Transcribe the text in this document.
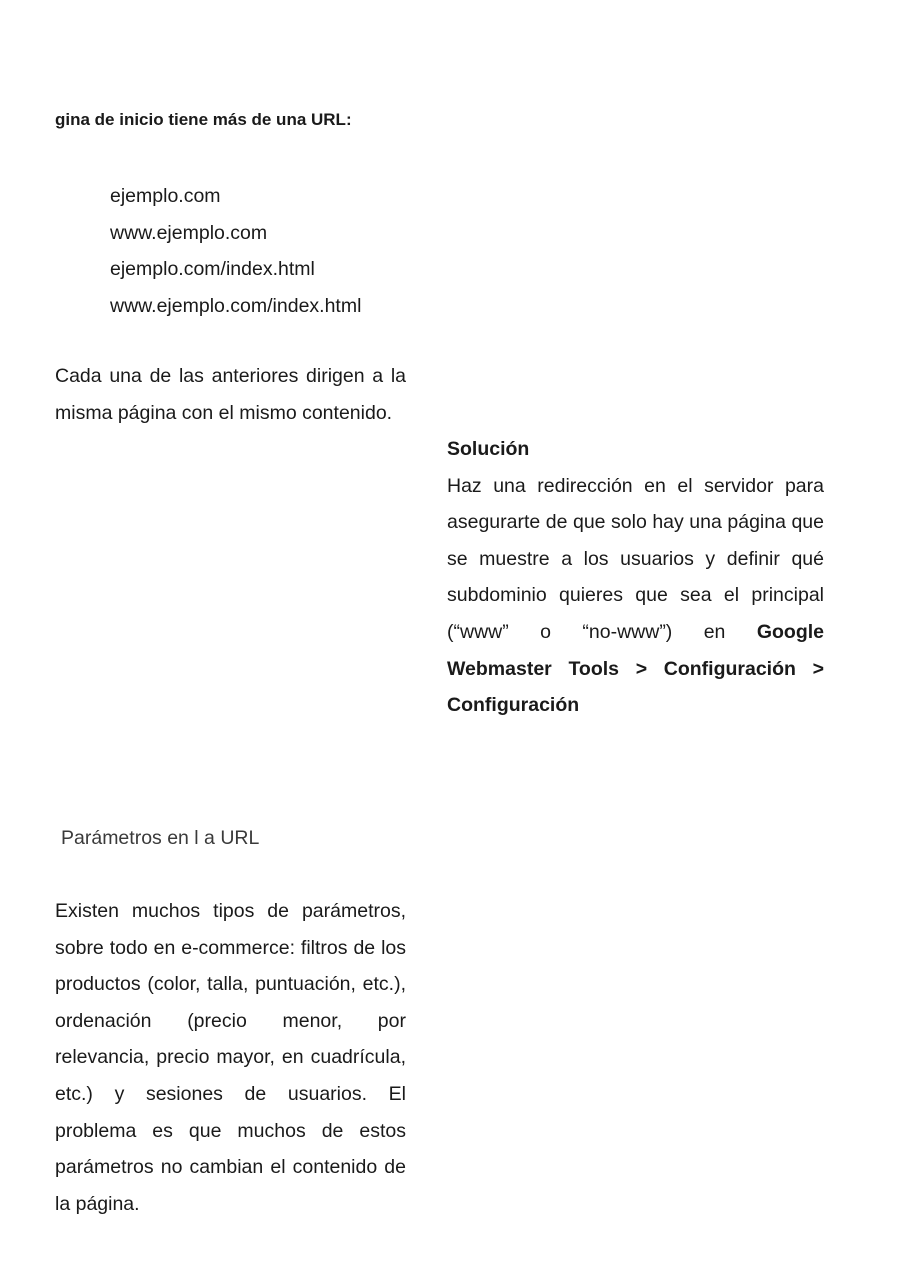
gina de inicio tiene más de una URL:

ejemplo.com
www.ejemplo.com
ejemplo.com/index.html
www.ejemplo.com/index.html

Cada una de las anteriores dirigen a la misma página con el mismo contenido.

Solución
Haz una redirección en el servidor para asegurarte de que solo hay una página que se muestre a los usuarios y definir qué subdominio quieres que sea el principal (“www” o “no-www”) en Google Webmaster Tools > Configuración > Configuración

Parámetros en l a URL

Existen muchos tipos de parámetros, sobre todo en e-commerce: filtros de los productos (color, talla, puntuación, etc.), ordenación (precio menor, por relevancia, precio mayor, en cuadrícula, etc.) y sesiones de usuarios. El problema es que muchos de estos parámetros no cambian el contenido de la página.
